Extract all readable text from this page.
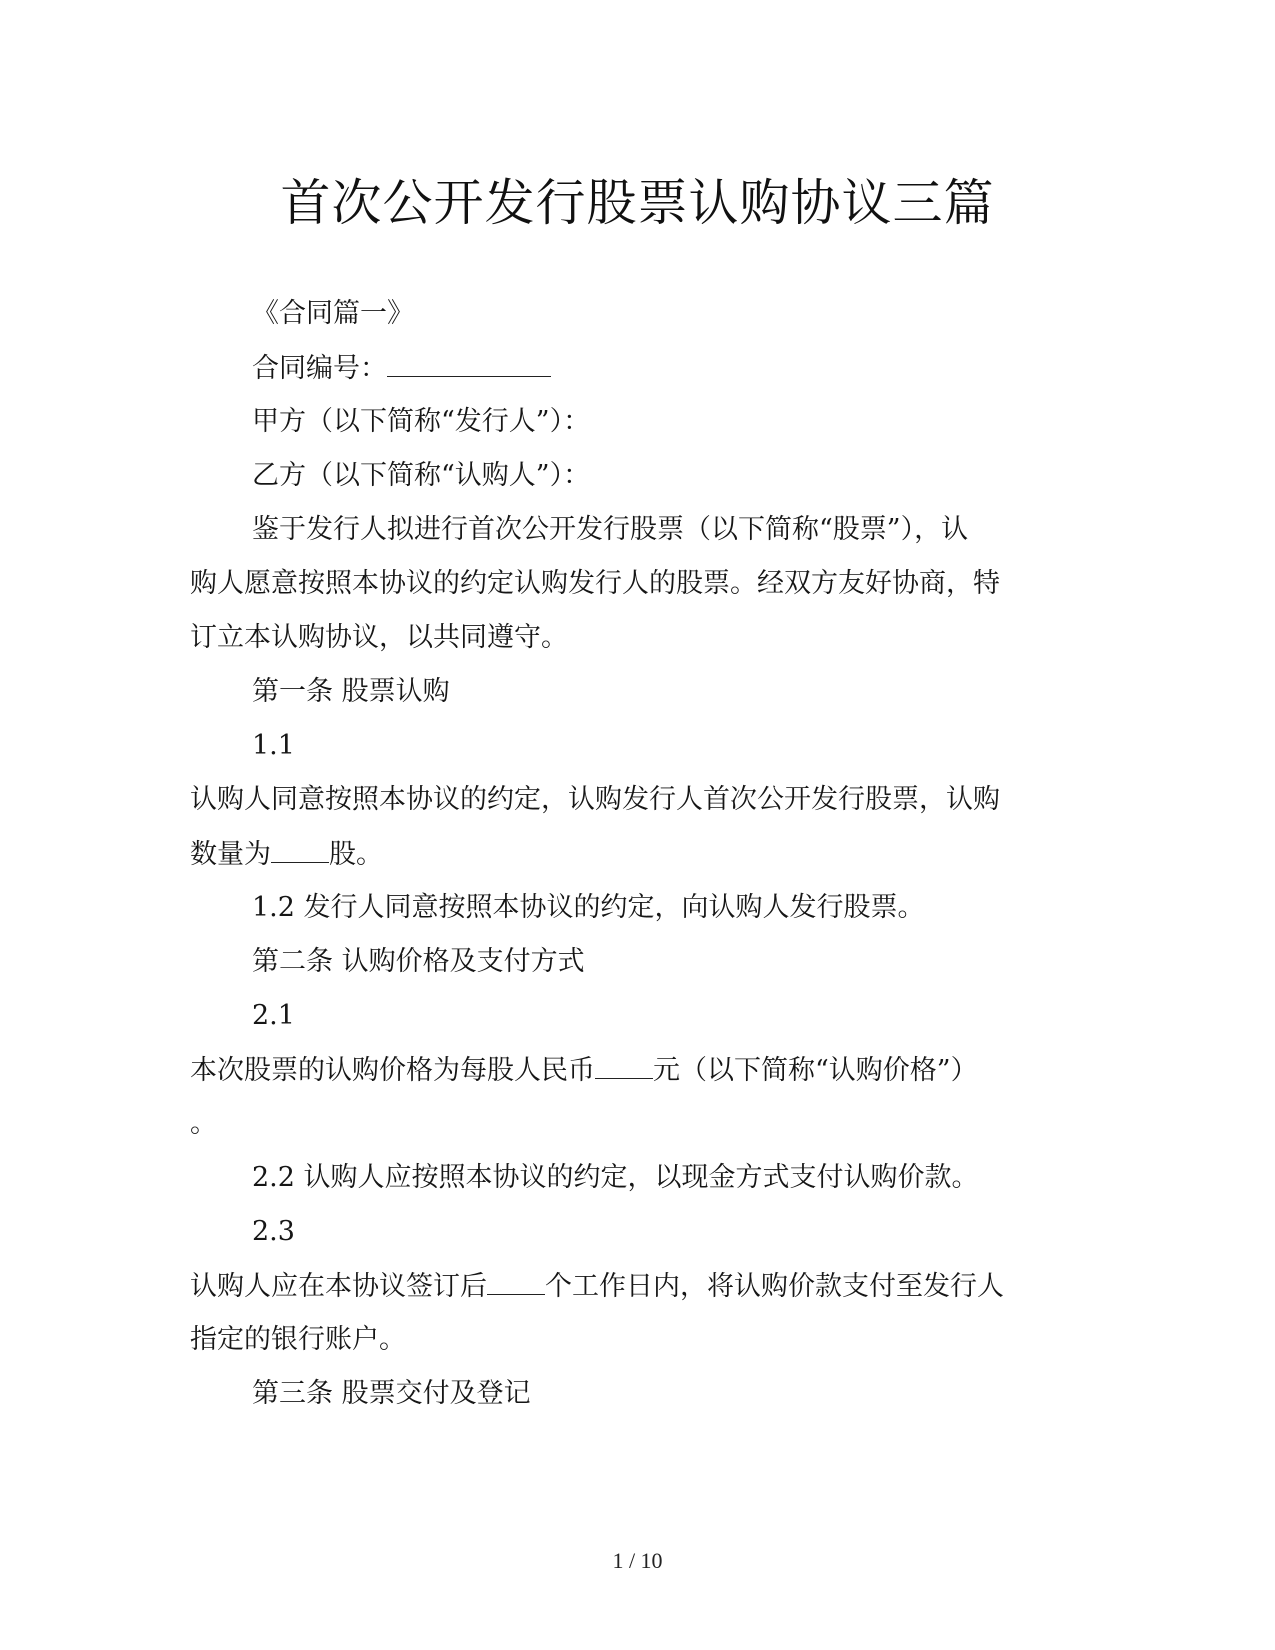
首次公开发行股票认购协议三篇
《合同篇一》
合同编号：
甲方（以下简称“发行人”）：
乙方（以下简称“认购人”）：
鉴于发行人拟进行首次公开发行股票（以下简称“股票”），认
购人愿意按照本协议的约定认购发行人的股票。经双方友好协商，特
订立本认购协议，以共同遵守。
第一条 股票认购
1.1
认购人同意按照本协议的约定，认购发行人首次公开发行股票，认购
数量为 股。
1.2 发行人同意按照本协议的约定，向认购人发行股票。
第二条 认购价格及支付方式
2.1
本次股票的认购价格为每股人民币 元（以下简称“认购价格”）
。
2.2 认购人应按照本协议的约定，以现金方式支付认购价款。
2.3
认购人应在本协议签订后 个工作日内，将认购价款支付至发行人
指定的银行账户。
第三条 股票交付及登记
1 / 10
